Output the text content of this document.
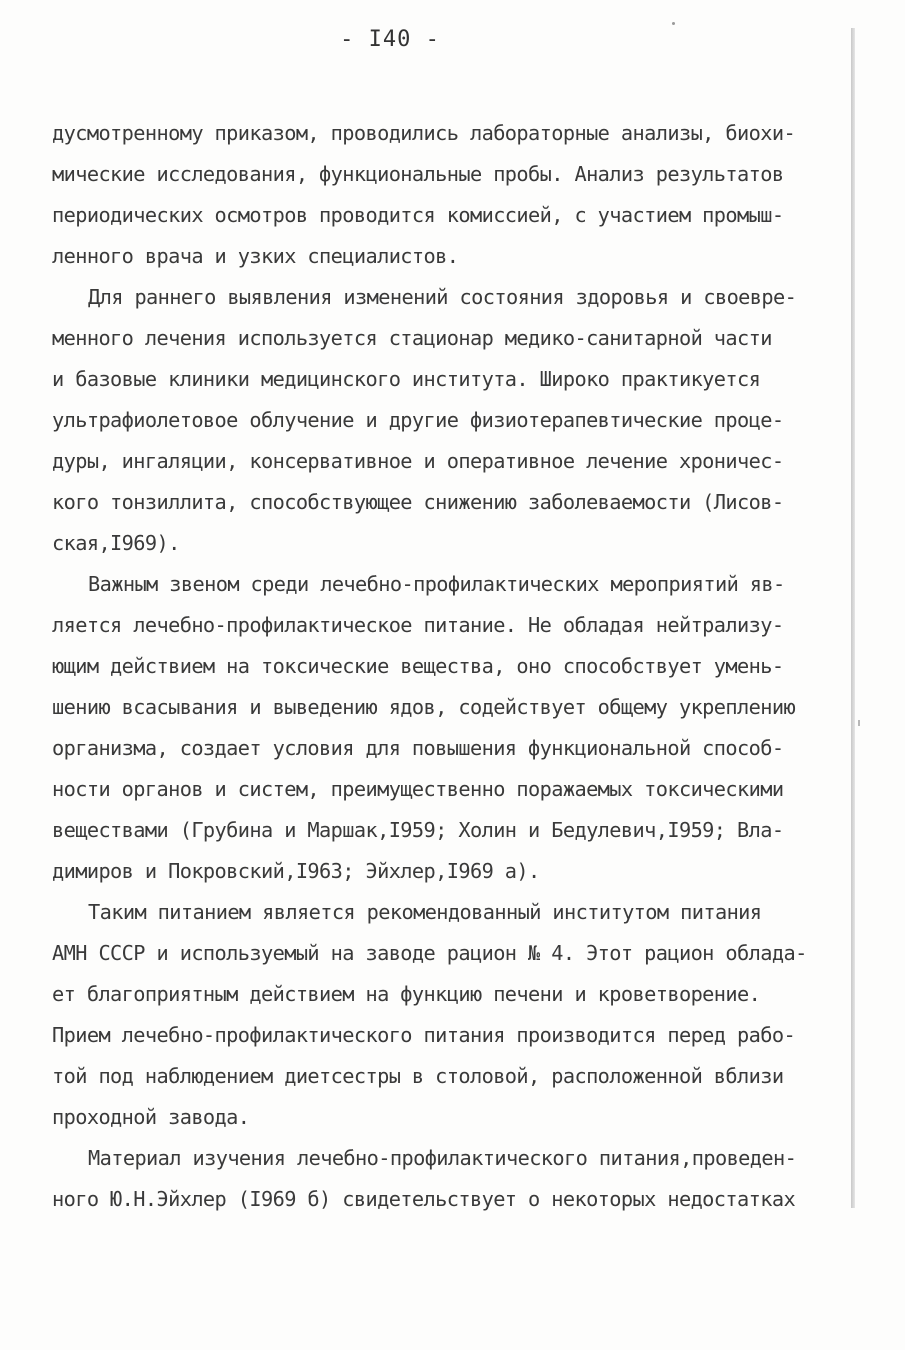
- I40 -
дусмотренному приказом, проводились лабораторные анализы, биохи-
мические исследования, функциональные пробы. Анализ результатов
периодических осмотров проводится комиссией, с участием промыш-
ленного врача и узких специалистов.
Для раннего выявления изменений состояния здоровья и своевре-
менного лечения используется стационар медико-санитарной части
и базовые клиники медицинского института. Широко практикуется
ультрафиолетовое облучение и другие физиотерапевтические проце-
дуры, ингаляции, консервативное и оперативное лечение хроничес-
кого тонзиллита, способствующее снижению заболеваемости (Лисов-
ская,I969).
Важным звеном среди лечебно-профилактических мероприятий яв-
ляется лечебно-профилактическое питание. Не обладая нейтрализу-
ющим действием на токсические вещества, оно способствует умень-
шению всасывания и выведению ядов, содействует общему укреплению
организма, создает условия для повышения функциональной способ-
ности органов и систем, преимущественно поражаемых токсическими
веществами (Грубина и Маршак,I959; Холин и Бедулевич,I959; Вла-
димиров и Покровский,I963; Эйхлер,I969 а).
Таким питанием является рекомендованный институтом питания
АМН СССР и используемый на заводе рацион № 4. Этот рацион облада-
ет благоприятным действием на функцию печени и кроветворение.
Прием лечебно-профилактического питания производится перед рабо-
той под наблюдением диетсестры в столовой, расположенной вблизи
проходной завода.
Материал изучения лечебно-профилактического питания,проведен-
ного Ю.Н.Эйхлер (I969 б) свидетельствует о некоторых недостатках
